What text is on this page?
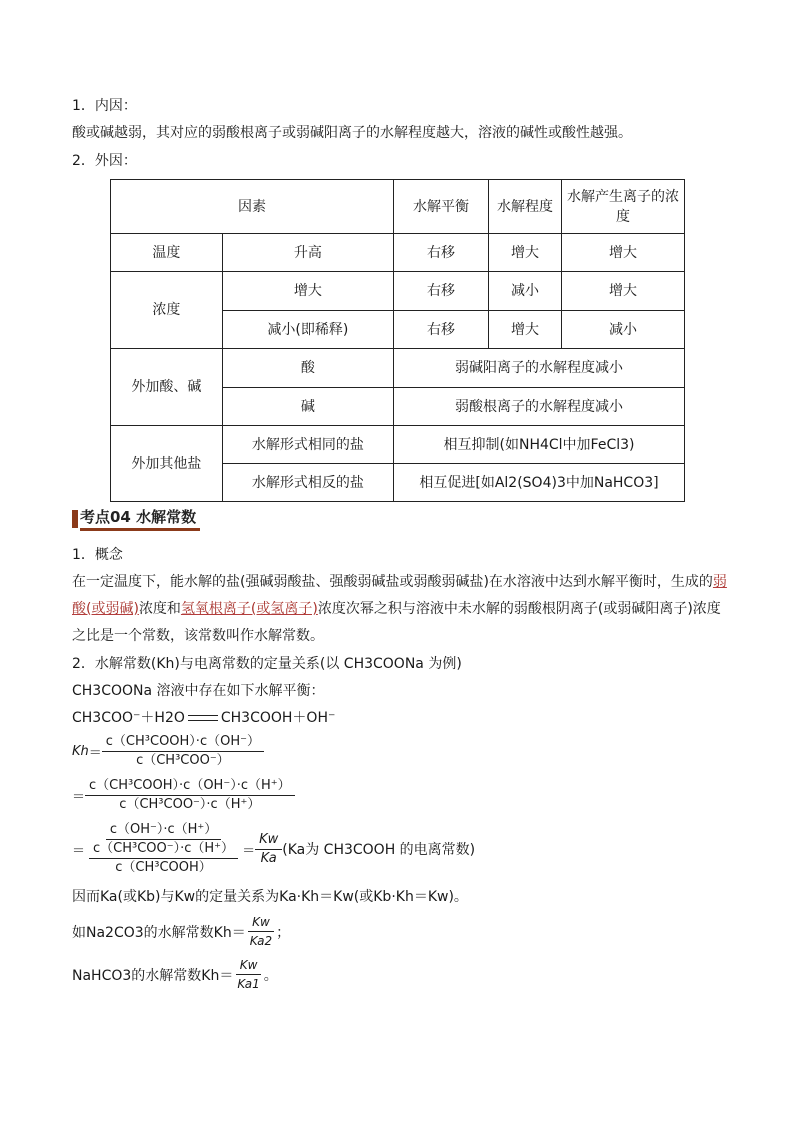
1．内因：
酸或碱越弱，其对应的弱酸根离子或弱碱阳离子的水解程度越大，溶液的碱性或酸性越强。
2．外因：
因素		水解平衡	水解程度	水解产生离子的浓度
温度	升高	右移	增大	增大
浓度	增大	右移	减小	增大
	减小(即稀释)	右移	增大	减小
外加酸、碱	酸	弱碱阳离子的水解程度减小		
	碱	弱酸根离子的水解程度减小		
外加其他盐	水解形式相同的盐	相互抑制(如NH4Cl中加FeCl3)		
	水解形式相反的盐	相互促进[如Al2(SO4)3中加NaHCO3]		
考点04 水解常数
1．概念
在一定温度下，能水解的盐(强碱弱酸盐、强酸弱碱盐或弱酸弱碱盐)在水溶液中达到水解平衡时，生成的弱
酸(或弱碱)浓度和氢氧根离子(或氢离子)浓度次幂之积与溶液中未水解的弱酸根阴离子(或弱碱阳离子)浓度
之比是一个常数，该常数叫作水解常数。
2．水解常数(Kh)与电离常数的定量关系(以 CH3COONa 为例)
CH3COONa 溶液中存在如下水解平衡：
CH3COO⁻＋H2O	CH3COOH＋OH⁻
$Kh = \frac{\text{c（CH³COOH）·c（OH⁻）}}{\text{c（CH³COO⁻）}}$
＝ $\frac{\text{c（CH³COOH）·c（OH⁻）·c（H⁺）}}{\text{c（CH³COO⁻）·c（H⁺）}}$
＝ c（OH⁻）·c（H⁺）
c（CH³COO⁻）·c（H⁺）
c（CH³COOH） ＝ $\frac{Kw}{Ka} (Ka$为 CH3COOH 的电离常数)
因而Ka(或Kb)与Kw的定量关系为Ka·Kh＝Kw(或Kb·Kh＝Kw)。
如Na2CO3的水解常数$Kh= \frac{Kw}{Ka2}$ ；
NaHCO3的水解常数$Kh= \frac{Kw}{Ka1}$ 。
